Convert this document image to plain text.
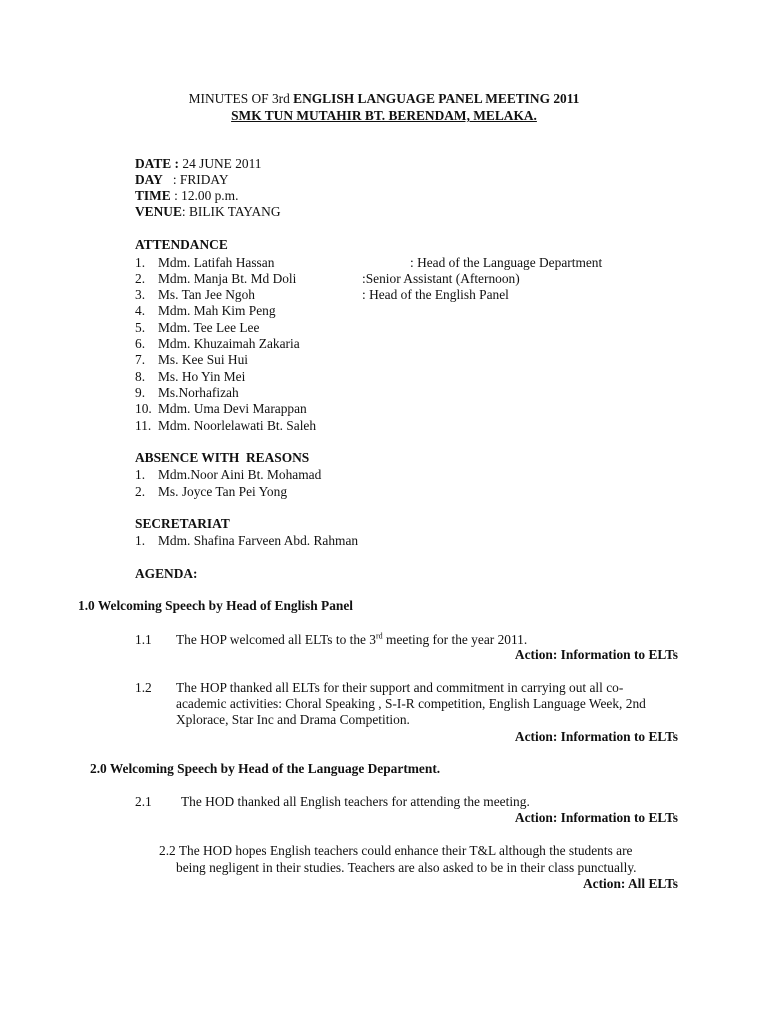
MINUTES OF 3rd ENGLISH LANGUAGE PANEL MEETING 2011
SMK TUN MUTAHIR BT. BERENDAM, MELAKA.
DATE : 24 JUNE 2011
DAY   : FRIDAY
TIME : 12.00 p.m.
VENUE: BILIK TAYANG
ATTENDANCE
1. Mdm. Latifah Hassan	: Head of the Language Department
2. Mdm. Manja Bt. Md Doli	:Senior Assistant (Afternoon)
3. Ms. Tan Jee Ngoh	: Head of the English Panel
4. Mdm. Mah Kim Peng
5. Mdm. Tee Lee Lee
6. Mdm. Khuzaimah Zakaria
7. Ms. Kee Sui Hui
8. Ms. Ho Yin Mei
9. Ms.Norhafizah
10. Mdm. Uma Devi Marappan
11. Mdm. Noorlelawati Bt. Saleh
ABSENCE WITH  REASONS
1. Mdm.Noor Aini Bt. Mohamad
2. Ms. Joyce Tan Pei Yong
SECRETARIAT
1. Mdm. Shafina Farveen Abd. Rahman
AGENDA:
1.0 Welcoming Speech by Head of English Panel
1.1 The HOP welcomed all ELTs to the 3rd meeting for the year 2011.
Action: Information to ELTs
1.2 The HOP thanked all ELTs for their support and commitment in carrying out all co-
academic activities: Choral Speaking , S-I-R competition, English Language Week, 2nd
Xplorace, Star Inc and Drama Competition.
Action: Information to ELTs
2.0 Welcoming Speech by Head of the Language Department.
2.1 The HOD thanked all English teachers for attending the meeting.
Action: Information to ELTs
2.2 The HOD hopes English teachers could enhance their T&L although the students are
being negligent in their studies. Teachers are also asked to be in their class punctually.
Action: All ELTs
